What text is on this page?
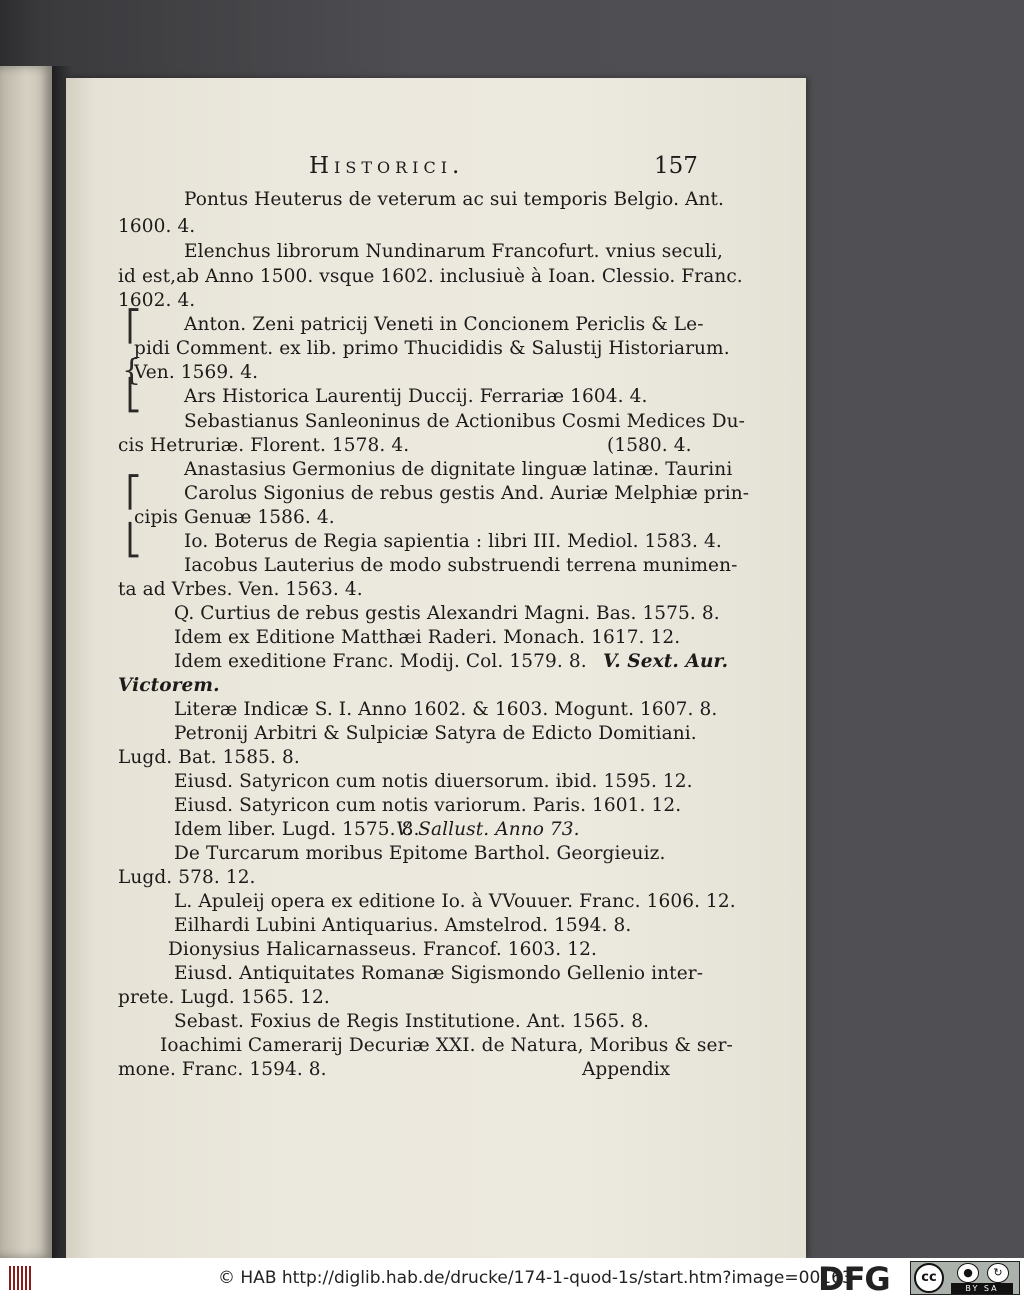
Historici.	157
Pontus Heuterus de veterum ac sui temporis Belgio. Ant.
1600. 4.
Elenchus librorum Nundinarum Francofurt. vnius seculi,
id est,ab Anno 1500. vsque 1602. inclusiuè à Ioan. Clessio. Franc.
1602. 4.
⎡ Anton. Zeni patricij Veneti in Concionem Periclis & Le-
pidi Comment. ex lib. primo Thucididis & Salustij Historiarum.
{
Ven. 1569. 4.
⎣ Ars Historica Laurentij Duccij. Ferrariæ 1604. 4.
Sebastianus Sanleoninus de Actionibus Cosmi Medices Du-
cis Hetruriæ. Florent. 1578. 4.	(1580. 4.
Anastasius Germonius de dignitate linguæ latinæ. Taurini
⎡ Carolus Sigonius de rebus gestis And. Auriæ Melphiæ prin-
cipis Genuæ 1586. 4.
⎣ Io. Boterus de Regia sapientia : libri III. Mediol. 1583. 4.
Iacobus Lauterius de modo substruendi terrena munimen-
ta ad Vrbes. Ven. 1563. 4.
Q. Curtius de rebus gestis Alexandri Magni. Bas. 1575. 8.
Idem ex Editione Matthæi Raderi. Monach. 1617. 12.
Idem exeditione Franc. Modij. Col. 1579. 8. V. Sext. Aur.
Victorem.
Literæ Indicæ S. I. Anno 1602. & 1603. Mogunt. 1607. 8.
Petronij Arbitri & Sulpiciæ Satyra de Edicto Domitiani.
Lugd. Bat. 1585. 8.
Eiusd. Satyricon cum notis diuersorum. ibid. 1595. 12.
Eiusd. Satyricon cum notis variorum. Paris. 1601. 12.
Idem liber. Lugd. 1575. 8.
V. Sallust. Anno 73.
De Turcarum moribus Epitome Barthol. Georgieuiz.
Lugd. 578. 12.
L. Apuleij opera ex editione Io. à VVouuer. Franc. 1606. 12.
Eilhardi Lubini Antiquarius. Amstelrod. 1594. 8.
Dionysius Halicarnasseus. Francof. 1603. 12.
Eiusd. Antiquitates Romanæ Sigismondo Gellenio inter-
prete. Lugd. 1565. 12.
Sebast. Foxius de Regis Institutione. Ant. 1565. 8.
Ioachimi Camerarij Decuriæ XXI. de Natura, Moribus & ser-
mone. Franc. 1594. 8.	Appendix
© HAB http://diglib.hab.de/drucke/174-1-quod-1s/start.htm?image=00163
DFG	cc	●	↻
BY SA
